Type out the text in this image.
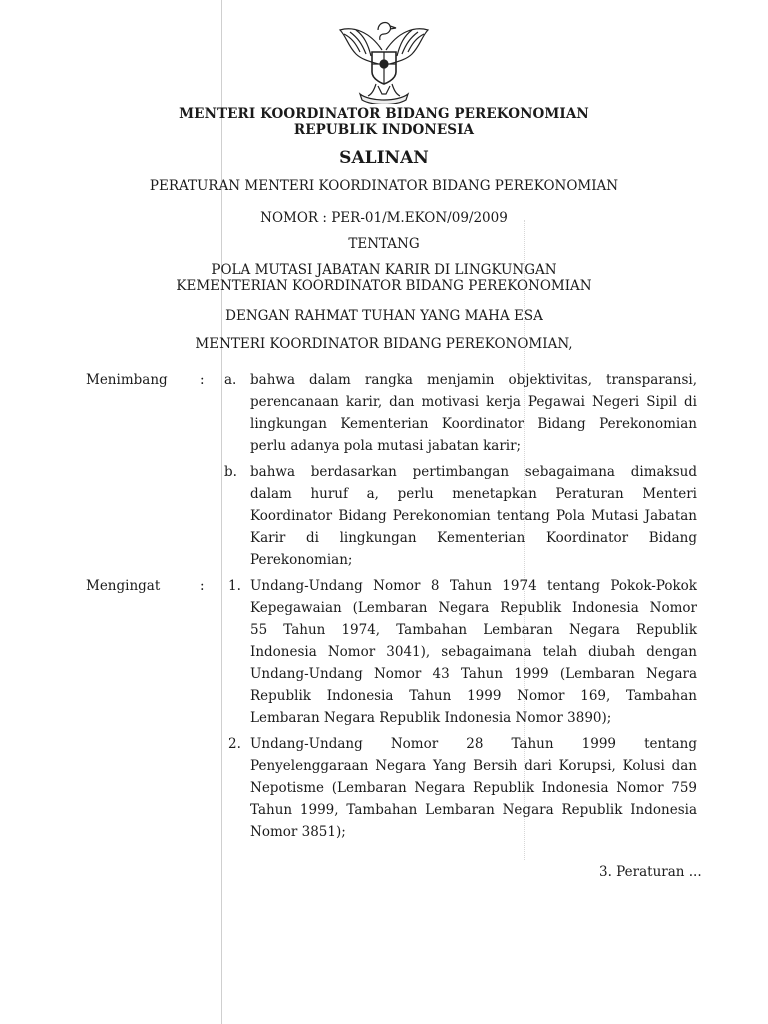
MENTERI KOORDINATOR BIDANG PEREKONOMIAN
REPUBLIK INDONESIA
SALINAN
PERATURAN MENTERI KOORDINATOR BIDANG PEREKONOMIAN
NOMOR : PER-01/M.EKON/09/2009
TENTANG
POLA MUTASI JABATAN KARIR DI LINGKUNGAN
KEMENTERIAN KOORDINATOR BIDANG PEREKONOMIAN
DENGAN RAHMAT TUHAN YANG MAHA ESA
MENTERI KOORDINATOR BIDANG PEREKONOMIAN,
Menimbang : a. bahwa dalam rangka menjamin objektivitas, transparansi,
perencanaan karir, dan motivasi kerja Pegawai Negeri Sipil di
lingkungan Kementerian Koordinator Bidang Perekonomian
perlu adanya pola mutasi jabatan karir;
b. bahwa berdasarkan pertimbangan sebagaimana dimaksud
dalam huruf a, perlu menetapkan Peraturan Menteri
Koordinator Bidang Perekonomian tentang Pola Mutasi Jabatan
Karir di lingkungan Kementerian Koordinator Bidang
Perekonomian;
Mengingat	: 1. Undang-Undang Nomor 8 Tahun 1974 tentang Pokok-Pokok
Kepegawaian (Lembaran Negara Republik Indonesia Nomor
55 Tahun 1974, Tambahan Lembaran Negara Republik
Indonesia Nomor 3041), sebagaimana telah diubah dengan
Undang-Undang Nomor 43 Tahun 1999 (Lembaran Negara
Republik Indonesia Tahun 1999 Nomor 169, Tambahan
Lembaran Negara Republik Indonesia Nomor 3890);
2. Undang-Undang Nomor 28 Tahun 1999 tentang
Penyelenggaraan Negara Yang Bersih dari Korupsi, Kolusi dan
Nepotisme (Lembaran Negara Republik Indonesia Nomor 759
Tahun 1999, Tambahan Lembaran Negara Republik Indonesia
Nomor 3851);
3. Peraturan ...
